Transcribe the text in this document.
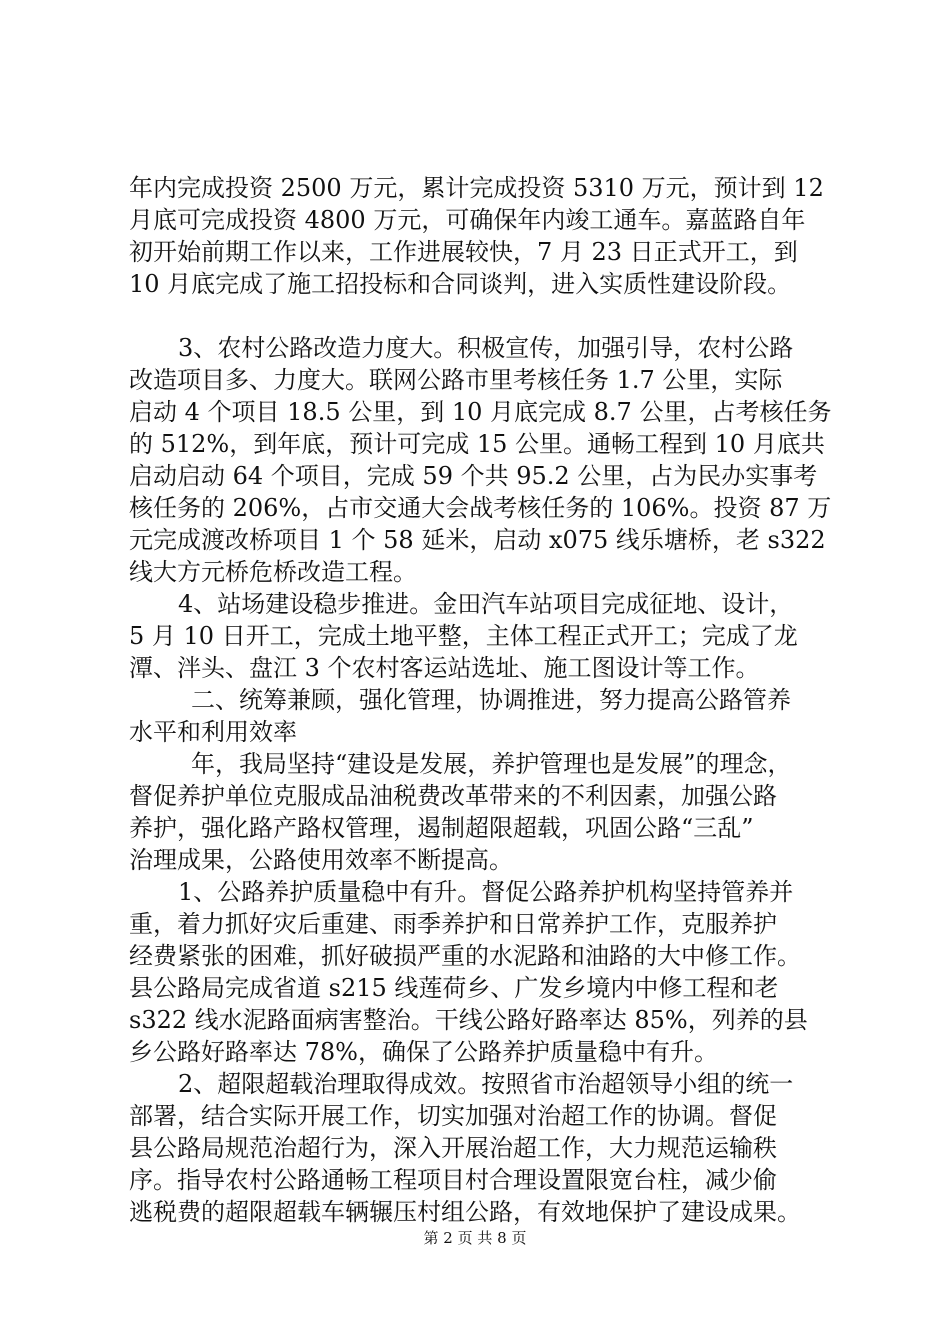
年内完成投资 2500 万元，累计完成投资 5310 万元，预计到 12
月底可完成投资 4800 万元，可确保年内竣工通车。嘉蓝路自年
初开始前期工作以来，工作进展较快，7 月 23 日正式开工，到
10 月底完成了施工招投标和合同谈判，进入实质性建设阶段。
3、农村公路改造力度大。积极宣传，加强引导，农村公路
改造项目多、力度大。联网公路市里考核任务 1.7 公里，实际
启动 4 个项目 18.5 公里，到 10 月底完成 8.7 公里，占考核任务
的 512%，到年底，预计可完成 15 公里。通畅工程到 10 月底共
启动启动 64 个项目，完成 59 个共 95.2 公里，占为民办实事考
核任务的 206%，占市交通大会战考核任务的 106%。投资 87 万
元完成渡改桥项目 1 个 58 延米，启动 x075 线乐塘桥，老 s322
线大方元桥危桥改造工程。
4、站场建设稳步推进。金田汽车站项目完成征地、设计，
5 月 10 日开工，完成土地平整，主体工程正式开工；完成了龙
潭、泮头、盘江 3 个农村客运站选址、施工图设计等工作。
二、统筹兼顾，强化管理，协调推进，努力提高公路管养
水平和利用效率
年，我局坚持“建设是发展，养护管理也是发展”的理念，
督促养护单位克服成品油税费改革带来的不利因素，加强公路
养护，强化路产路权管理，遏制超限超载，巩固公路“三乱”
治理成果，公路使用效率不断提高。
1、公路养护质量稳中有升。督促公路养护机构坚持管养并
重，着力抓好灾后重建、雨季养护和日常养护工作，克服养护
经费紧张的困难，抓好破损严重的水泥路和油路的大中修工作。
县公路局完成省道 s215 线莲荷乡、广发乡境内中修工程和老
s322 线水泥路面病害整治。干线公路好路率达 85%，列养的县
乡公路好路率达 78%，确保了公路养护质量稳中有升。
2、超限超载治理取得成效。按照省市治超领导小组的统一
部署，结合实际开展工作，切实加强对治超工作的协调。督促
县公路局规范治超行为，深入开展治超工作，大力规范运输秩
序。指导农村公路通畅工程项目村合理设置限宽台柱，减少偷
逃税费的超限超载车辆辗压村组公路，有效地保护了建设成果。
第 2 页 共 8 页
